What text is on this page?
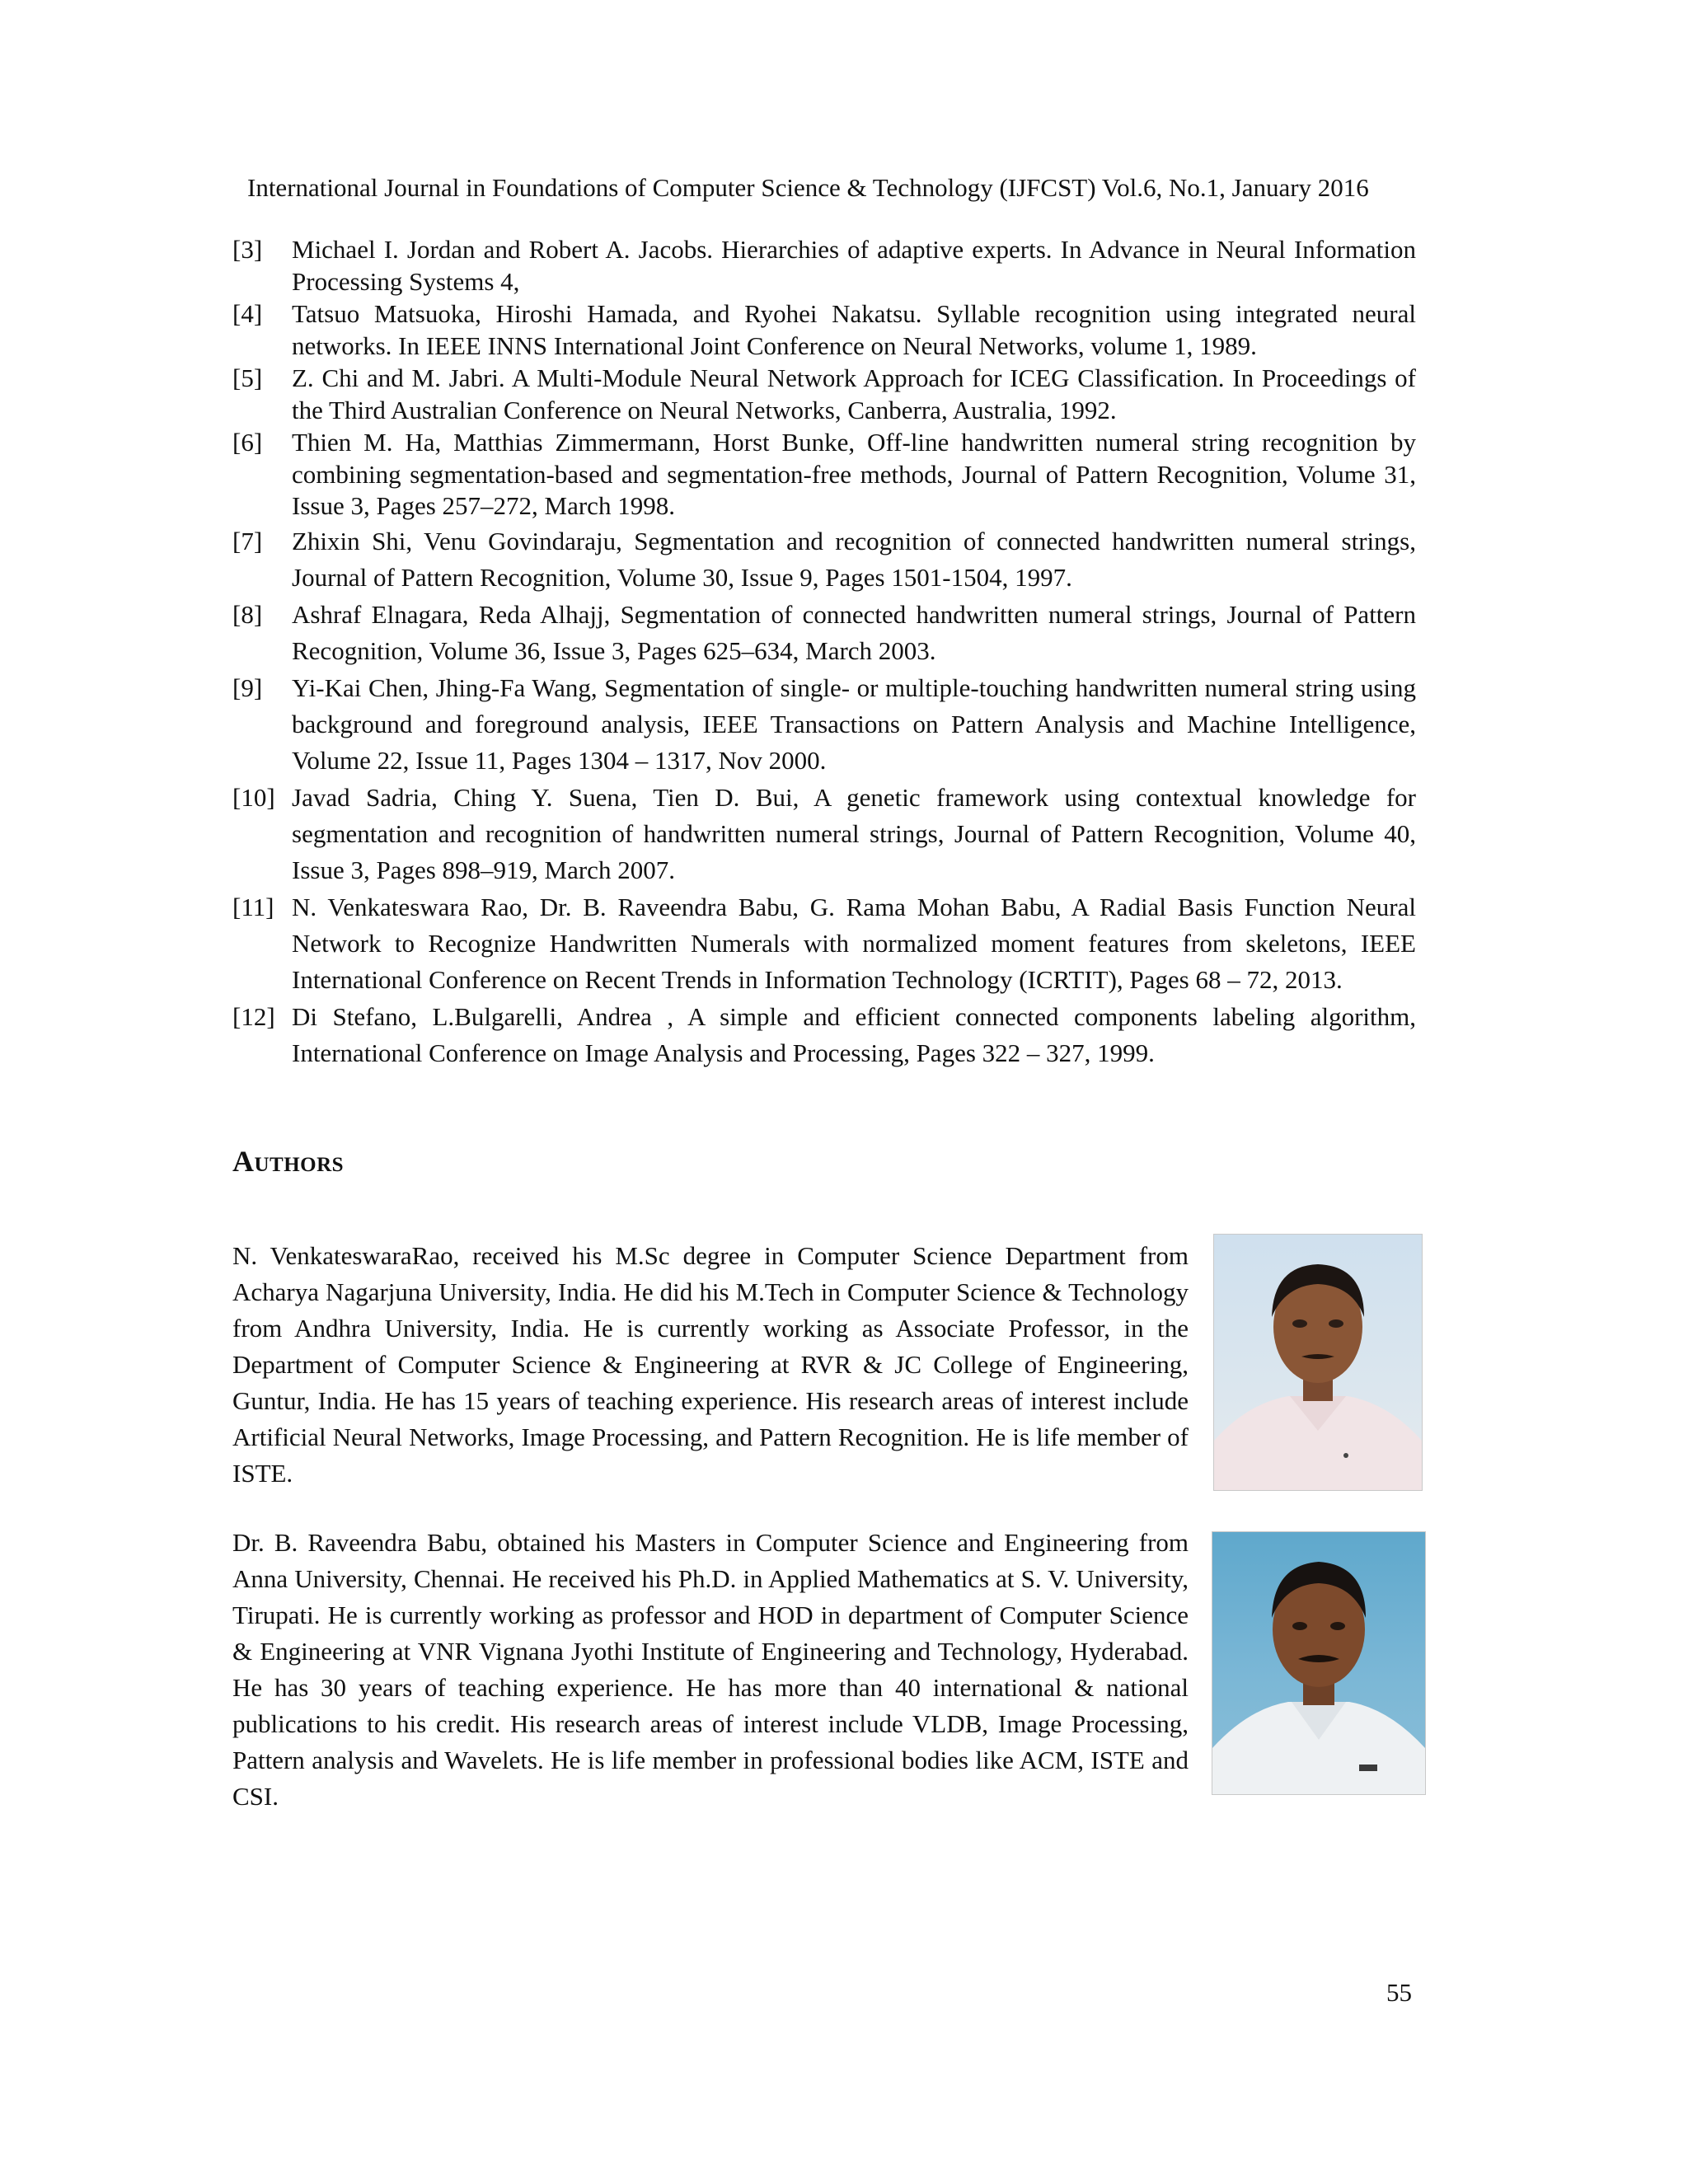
International Journal in Foundations of Computer Science & Technology (IJFCST) Vol.6, No.1, January 2016
[3]	Michael I. Jordan and Robert A. Jacobs. Hierarchies of adaptive experts. In Advance in Neural Information Processing Systems 4,
[4]	Tatsuo Matsuoka, Hiroshi Hamada, and Ryohei Nakatsu. Syllable recognition using integrated neural networks. In IEEE INNS International Joint Conference on Neural Networks, volume 1, 1989.
[5]	Z. Chi and M. Jabri. A Multi-Module Neural Network Approach for ICEG Classification. In Proceedings of the Third Australian Conference on Neural Networks, Canberra, Australia, 1992.
[6]	Thien M. Ha, Matthias Zimmermann, Horst Bunke, Off-line handwritten numeral string recognition by combining segmentation-based and segmentation-free methods, Journal of Pattern Recognition, Volume 31, Issue 3, Pages 257–272, March 1998.
[7]	Zhixin Shi, Venu Govindaraju, Segmentation and recognition of connected handwritten numeral strings, Journal of Pattern Recognition, Volume 30, Issue 9, Pages 1501-1504, 1997.
[8]	Ashraf Elnagara, Reda Alhajj, Segmentation of connected handwritten numeral strings, Journal of Pattern Recognition, Volume 36, Issue 3, Pages 625–634, March 2003.
[9]	Yi-Kai Chen, Jhing-Fa Wang, Segmentation of single- or multiple-touching handwritten numeral string using background and foreground analysis, IEEE Transactions on Pattern Analysis and Machine Intelligence, Volume 22, Issue 11, Pages 1304 – 1317, Nov 2000.
[10] Javad Sadria, Ching Y. Suena, Tien D. Bui, A genetic framework using contextual knowledge for segmentation and recognition of handwritten numeral strings, Journal of Pattern Recognition, Volume 40, Issue 3, Pages 898–919, March 2007.
[11] N. Venkateswara Rao, Dr. B. Raveendra Babu, G. Rama Mohan Babu, A Radial Basis Function Neural Network to Recognize Handwritten Numerals with normalized moment features from skeletons, IEEE International Conference on Recent Trends in Information Technology (ICRTIT), Pages 68 – 72, 2013.
[12] Di Stefano, L.Bulgarelli, Andrea , A simple and efficient connected components labeling algorithm, International Conference on Image Analysis and Processing, Pages 322 – 327, 1999.
Authors

N. VenkateswaraRao, received his M.Sc degree in Computer Science Department from Acharya Nagarjuna University, India. He did his M.Tech in Computer Science & Technology from Andhra University, India. He is currently working as Associate Professor, in the Department of Computer Science & Engineering at RVR & JC College of Engineering, Guntur, India. He has 15 years of teaching experience. His research areas of interest include Artificial Neural Networks, Image Processing, and Pattern Recognition. He is life member of ISTE.

Dr. B. Raveendra Babu, obtained his Masters in Computer Science and Engineering from Anna University, Chennai. He received his Ph.D. in Applied Mathematics at S. V. University, Tirupati. He is currently working as professor and HOD in department of Computer Science & Engineering at VNR Vignana Jyothi Institute of Engineering and Technology, Hyderabad. He has 30 years of teaching experience. He has more than 40 international & national publications to his credit. His research areas of interest include VLDB, Image Processing, Pattern analysis and Wavelets. He is life member in professional bodies like ACM, ISTE and CSI.

55
